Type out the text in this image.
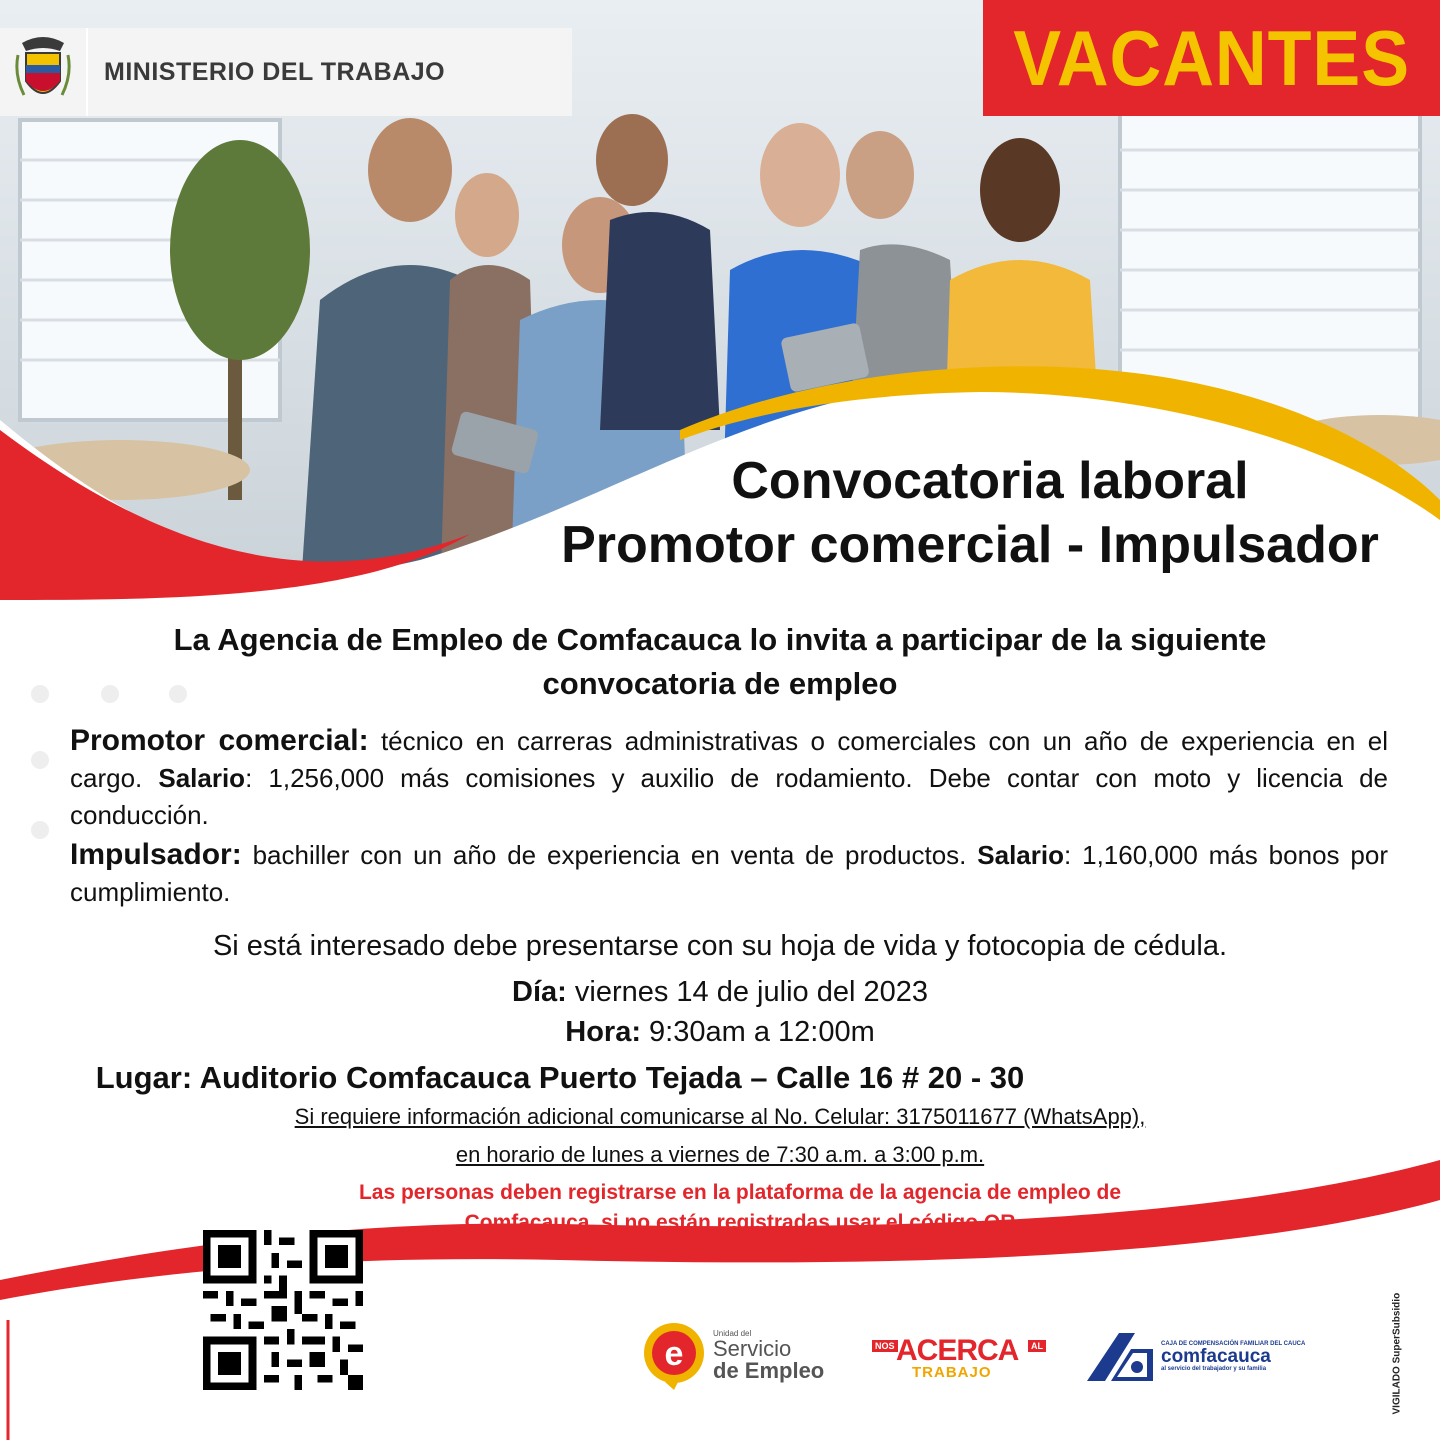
MINISTERIO DEL TRABAJO	VACANTES
Convocatoria laboral
Promotor comercial - Impulsador
La Agencia de Empleo de Comfacauca lo invita a participar de la siguiente convocatoria de empleo

Promotor comercial: técnico en carreras administrativas o comerciales con un año de experiencia en el cargo. Salario: 1,256,000 más comisiones y auxilio de rodamiento. Debe contar con moto y licencia de conducción.

Impulsador: bachiller con un año de experiencia en venta de productos. Salario: 1,160,000 más bonos por cumplimiento.

Si está interesado debe presentarse con su hoja de vida y fotocopia de cédula.
Día: viernes 14 de julio del 2023
Hora: 9:30am a 12:00m
Lugar: Auditorio Comfacauca Puerto Tejada – Calle 16 # 20 - 30
Si requiere información adicional comunicarse al No. Celular: 3175011677 (WhatsApp),
en horario de lunes a viernes de 7:30 a.m. a 3:00 p.m.
Las personas deben registrarse en la plataforma de la agencia de empleo de
Comfacauca, si no están registradas usar el código QR
e
Unidad del
Servicio
de Empleo
NOS ACERCA	AL
TRABAJO
CAJA DE COMPENSACIÓN FAMILIAR DEL CAUCA
comfacauca
al servicio del trabajador y su familia	VIGILADO SuperSubsidio
